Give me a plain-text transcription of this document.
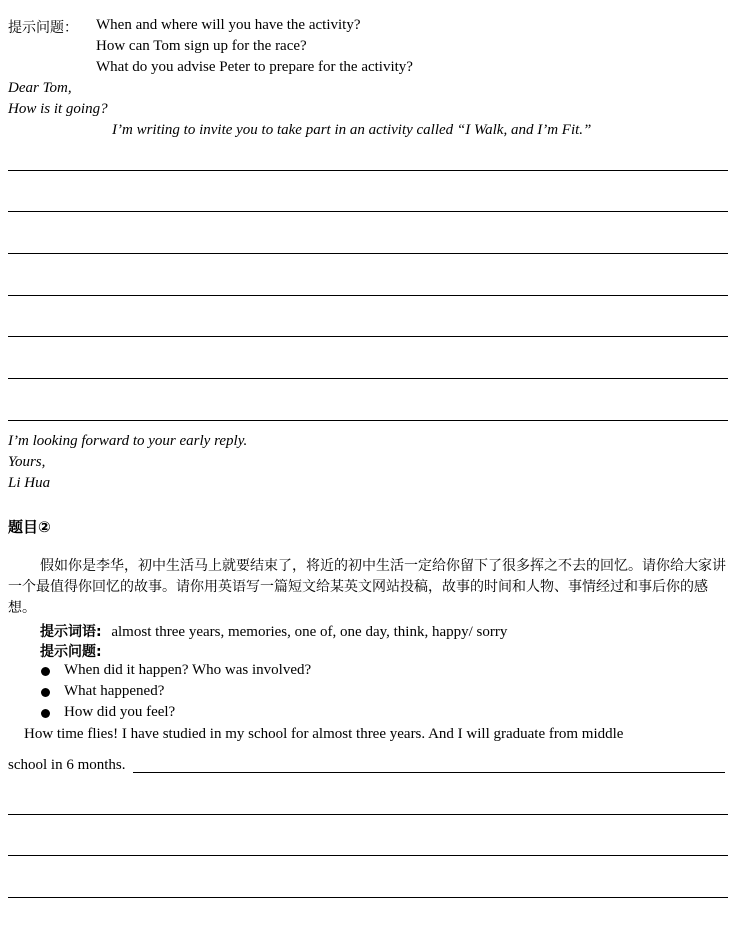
提示问题： When and where will you have the activity?
How can Tom sign up for the race?
What do you advise Peter to prepare for the activity?
Dear Tom,
How is it going?
I’m writing to invite you to take part in an activity called “I Walk, and I’m Fit.”
I’m looking forward to your early reply.
Yours,
Li Hua
题目②
假如你是李华，初中生活马上就要结束了，将近的初中生活一定给你留下了很多挥之不去的回忆。请你给大家讲一个最值得你回忆的故事。请你用英语写一篇短文给某英文网站投稿，故事的时间和人物、事情经过和事后你的感想。
提示词语: almost three years, memories, one of, one day, think, happy/ sorry
提示问题:
When did it happen? Who was involved?
What happened?
How did you feel?
How time flies! I have studied in my school for almost three years. And I will graduate from middle
school in 6 months.
